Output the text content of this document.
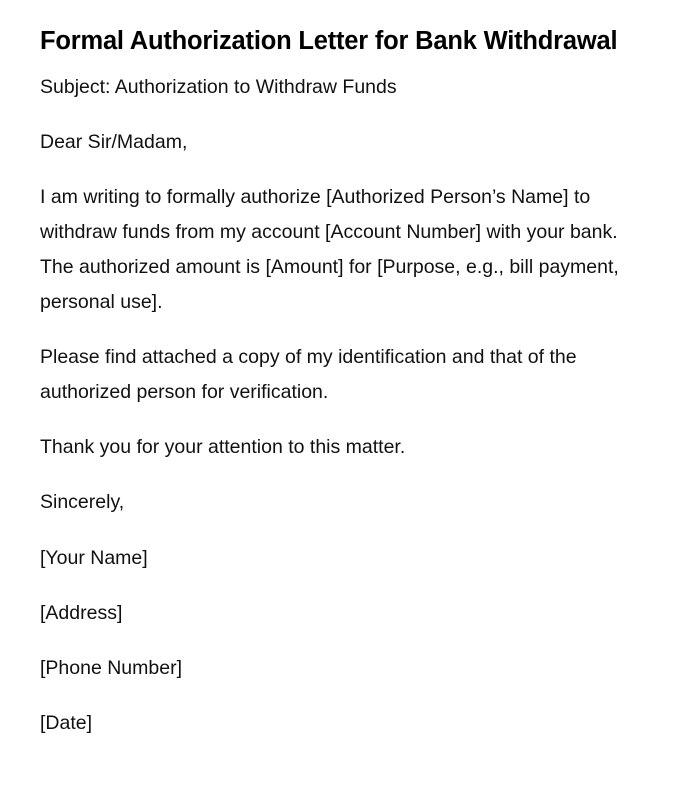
Formal Authorization Letter for Bank Withdrawal

Subject: Authorization to Withdraw Funds

Dear Sir/Madam,

I am writing to formally authorize [Authorized Person’s Name] to withdraw funds from my account [Account Number] with your bank. The authorized amount is [Amount] for [Purpose, e.g., bill payment, personal use].

Please find attached a copy of my identification and that of the authorized person for verification.

Thank you for your attention to this matter.

Sincerely,

[Your Name]

[Address]

[Phone Number]

[Date]
